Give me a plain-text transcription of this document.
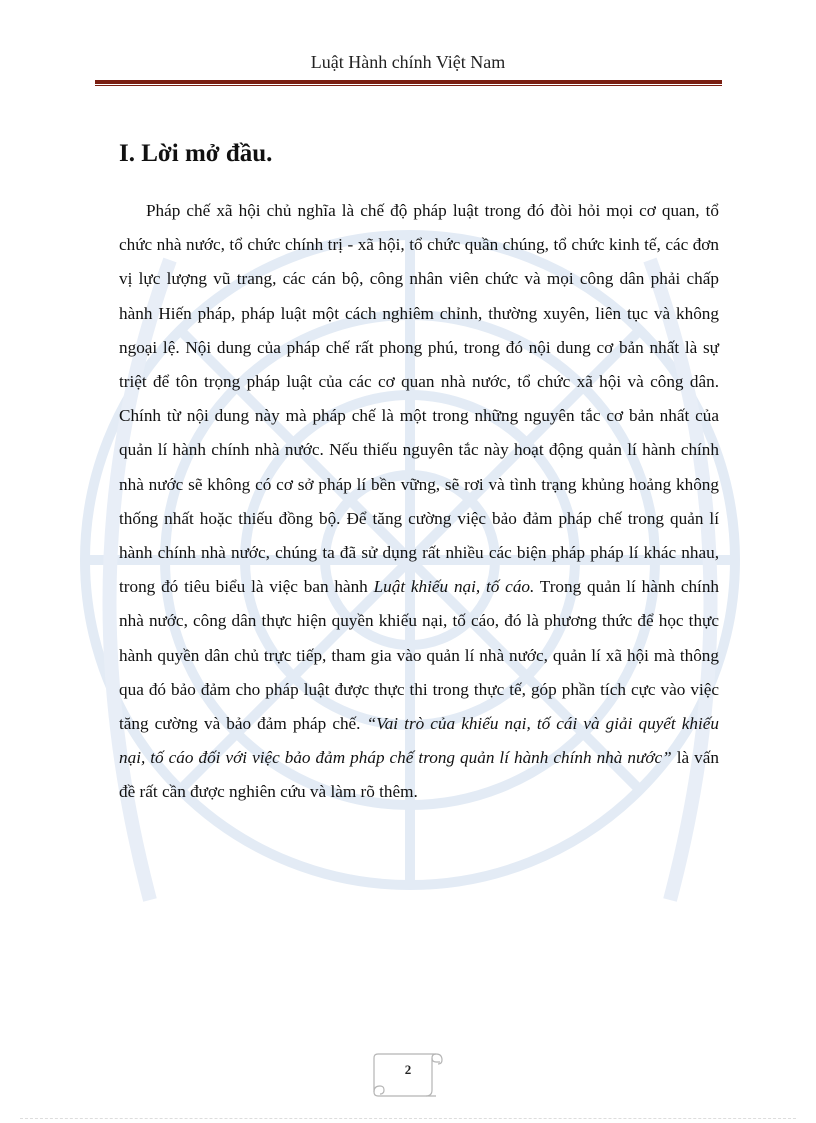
Luật Hành chính Việt Nam
I. Lời mở đầu.

Pháp chế xã hội chủ nghĩa là chế độ pháp luật trong đó đòi hỏi mọi cơ quan, tổ chức nhà nước, tổ chức chính trị - xã hội, tổ chức quần chúng, tổ chức kinh tế, các đơn vị lực lượng vũ trang, các cán bộ, công nhân viên chức và mọi công dân phải chấp hành Hiến pháp, pháp luật một cách nghiêm chỉnh, thường xuyên, liên tục và không ngoại lệ. Nội dung của pháp chế rất phong phú, trong đó nội dung cơ bản nhất là sự triệt để tôn trọng pháp luật của các cơ quan nhà nước, tổ chức xã hội và công dân. Chính từ nội dung này mà pháp chế là một trong những nguyên tắc cơ bản nhất của quản lí hành chính nhà nước. Nếu thiếu nguyên tắc này hoạt động quản lí hành chính nhà nước sẽ không có cơ sở pháp lí bền vững, sẽ rơi và tình trạng khủng hoảng không thống nhất hoặc thiếu đồng bộ. Để tăng cường việc bảo đảm pháp chế trong quản lí hành chính nhà nước, chúng ta đã sử dụng rất nhiều các biện pháp pháp lí khác nhau, trong đó tiêu biểu là việc ban hành Luật khiếu nại, tố cáo. Trong quản lí hành chính nhà nước, công dân thực hiện quyền khiếu nại, tố cáo, đó là phương thức để học thực hành quyền dân chủ trực tiếp, tham gia vào quản lí nhà nước, quản lí xã hội mà thông qua đó bảo đảm cho pháp luật được thực thi trong thực tế, góp phần tích cực vào việc tăng cường và bảo đảm pháp chế. “Vai trò của khiếu nại, tố cái và giải quyết khiếu nại, tố cáo đối với việc bảo đảm pháp chế trong quản lí hành chính nhà nước” là vấn đề rất cần được nghiên cứu và làm rõ thêm.

2
